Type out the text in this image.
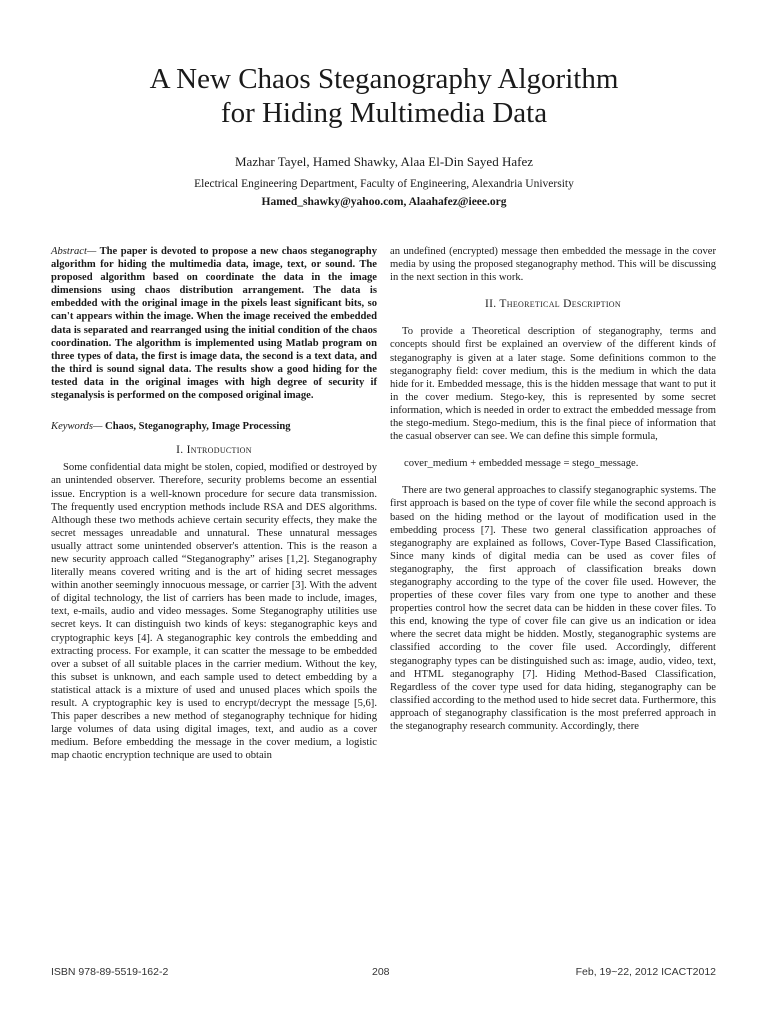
A New Chaos Steganography Algorithm
for Hiding Multimedia Data

Mazhar Tayel, Hamed Shawky, Alaa El-Din Sayed Hafez

Electrical Engineering Department, Faculty of Engineering, Alexandria University

Hamed_shawky@yahoo.com, Alaahafez@ieee.org

Abstract— The paper is devoted to propose a new chaos steganography algorithm for hiding the multimedia data, image, text, or sound. The proposed algorithm based on coordinate the data in the image dimensions using chaos distribution arrangement. The data is embedded with the original image in the pixels least significant bits, so can't appears within the image. When the image received the embedded data is separated and rearranged using the initial condition of the chaos coordination. The algorithm is implemented using Matlab program on three types of data, the first is image data, the second is a text data, and the third is sound signal data. The results show a good hiding for the tested data in the original images with high degree of security if steganalysis is performed on the composed original image.

Keywords— Chaos, Steganography, Image Processing

I. Introduction

Some confidential data might be stolen, copied, modified or destroyed by an unintended observer. Therefore, security problems become an essential issue. Encryption is a well-known procedure for secure data transmission. The frequently used encryption methods include RSA and DES algorithms. Although these two methods achieve certain security effects, they make the secret messages unreadable and unnatural. These unnatural messages usually attract some unintended observer's attention. This is the reason a new security approach called “Steganography” arises [1,2]. Steganography literally means covered writing and is the art of hiding secret messages within another seemingly innocuous message, or carrier [3]. With the advent of digital technology, the list of carriers has been made to include, images, text, e-mails, audio and video messages. Some Steganography utilities use secret keys. It can distinguish two kinds of keys: steganographic keys and cryptographic keys [4]. A steganographic key controls the embedding and extracting process. For example, it can scatter the message to be embedded over a subset of all suitable places in the carrier medium. Without the key, this subset is unknown, and each sample used to detect embedding by a statistical attack is a mixture of used and unused places which spoils the result. A cryptographic key is used to encrypt/decrypt the message [5,6]. This paper describes a new method of steganography technique for hiding large volumes of data using digital images, text, and audio as a cover medium. Before embedding the message in the cover medium, a logistic map chaotic encryption technique are used to obtain

an undefined (encrypted) message then embedded the message in the cover media by using the proposed steganography method. This will be discussing in the next section in this work.

II. Theoretical Description

To provide a Theoretical description of steganography, terms and concepts should first be explained an overview of the different kinds of steganography is given at a later stage. Some definitions common to the steganography field: cover medium, this is the medium in which the data hide for it. Embedded message, this is the hidden message that want to put it in the cover medium. Stego-key, this is represented by some secret information, which is needed in order to extract the embedded message from the stego-medium. Stego-medium, this is the final piece of information that the casual observer can see. We can define this simple formula,

cover_medium + embedded message = stego_message.

There are two general approaches to classify steganographic systems. The first approach is based on the type of cover file while the second approach is based on the hiding method or the layout of modification used in the embedding process [7]. These two general classification approaches of steganography are explained as follows, Cover-Type Based Classification, Since many kinds of digital media can be used as cover files of steganography, the first approach of classification breaks down steganography according to the type of the cover file used. However, the properties of these cover files vary from one type to another and these properties control how the secret data can be hidden in these cover files. To this end, knowing the type of cover file can give us an indication or idea where the secret data might be hidden. Mostly, steganographic systems are classified according to the cover file used. Accordingly, different steganography types can be distinguished such as: image, audio, video, text, and HTML steganography [7]. Hiding Method-Based Classification, Regardless of the cover type used for data hiding, steganography can be classified according to the method used to hide secret data. Furthermore, this approach of steganography classification is the most preferred approach in the steganography research community. Accordingly, there

ISBN 978-89-5519-162-2	208	Feb, 19~22, 2012 ICACT2012
